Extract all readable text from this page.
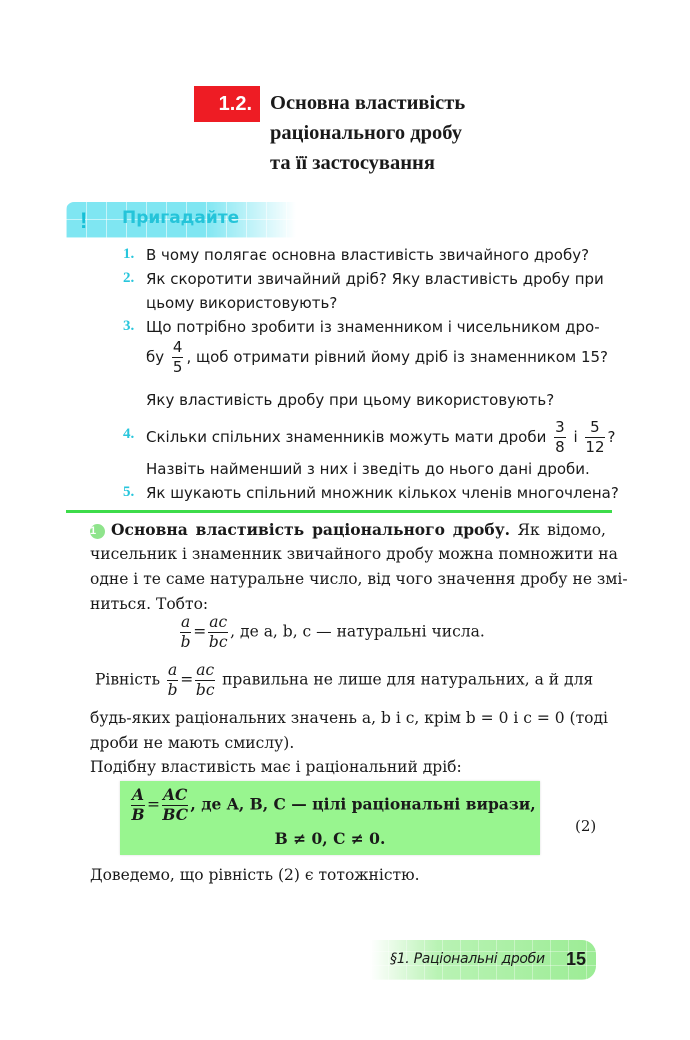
1.2. Основна властивість
раціонального дробу
та її застосування
! Пригадайте
1. В чому полягає основна властивість звичайного дробу?
2. Як скоротити звичайний дріб? Яку властивість дробу при
цьому використовують?
3. Що потрібно зробити із знаменником і чисельником дро-
бу $\frac{4}{5}$ , щоб отримати рівний йому дріб із знаменником 15?
Яку властивість дробу при цьому використовують?
4. Скільки спільних знаменників можуть мати дроби $\frac{3}{8}$ і $\frac{5}{12}$ ?
Назвіть найменший з них і зведіть до нього дані дроби.
5. Як шукають спільний множник кількох членів многочлена?
1 Основна властивість раціонального дробу. Як відомо,
чисельник і знаменник звичайного дробу можна помножити на
одне і те саме натуральне число, від чого значення дробу не змі-
ниться. Тобто:
$\frac{a}{b} = \frac{ac}{bc}$ , де a, b, c — натуральні числа.
Рівність $\frac{a}{b} = \frac{ac}{bc}$ правильна не лише для натуральних, а й для
будь-яких раціональних значень a, b і c, крім b = 0 і c = 0 (тоді
дроби не мають смислу).
Подібну властивість має і раціональний дріб:
$\frac{A}{B} = \frac{AC}{BC}$ , де A, B, C — цілі раціональні вирази,
B ≠ 0, C ≠ 0.
(2)
Доведемо, що рівність (2) є тотожністю.
§1. Раціональні дроби 15
